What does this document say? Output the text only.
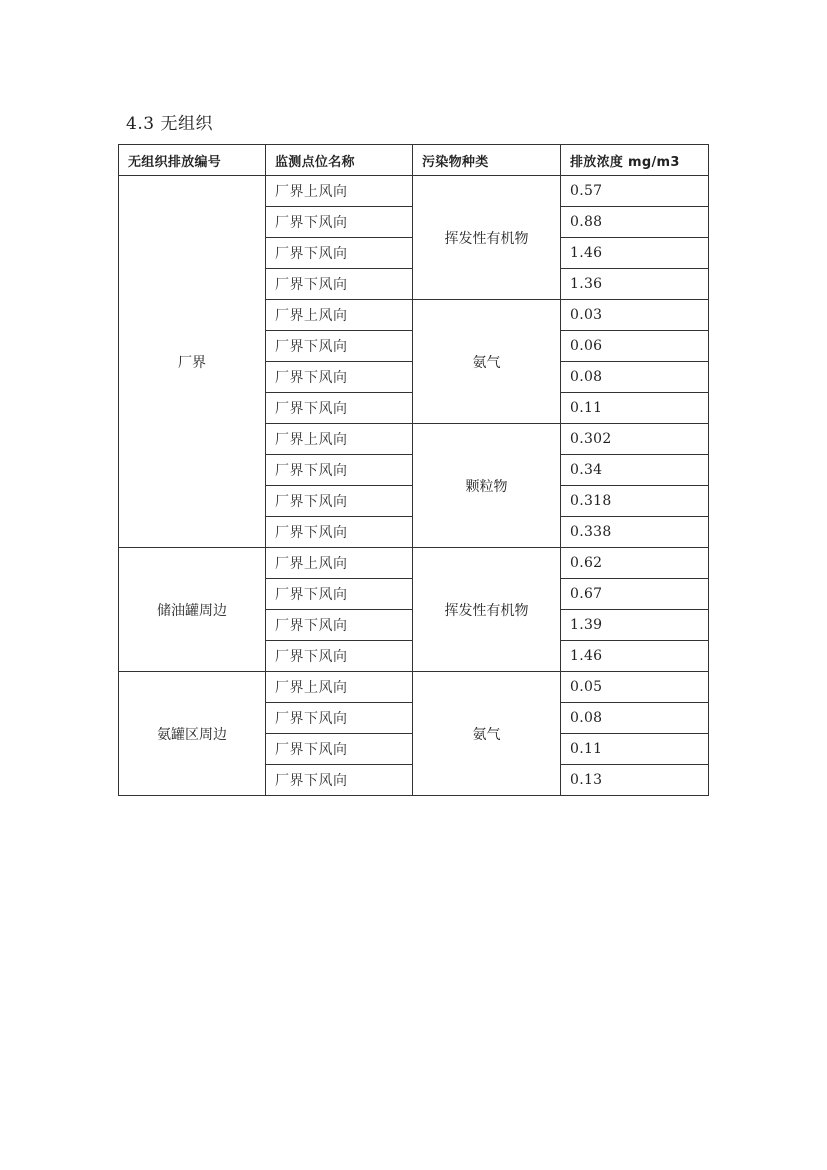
4.3 无组织
无组织排放编号	监测点位名称	污染物种类	排放浓度 mg/m3
厂界	厂界上风向	挥发性有机物	0.57
	厂界下风向		0.88
	厂界下风向		1.46
	厂界下风向		1.36
	厂界上风向	氨气	0.03
	厂界下风向		0.06
	厂界下风向		0.08
	厂界下风向		0.11
	厂界上风向	颗粒物	0.302
	厂界下风向		0.34
	厂界下风向		0.318
	厂界下风向		0.338
储油罐周边	厂界上风向	挥发性有机物	0.62
	厂界下风向		0.67
	厂界下风向		1.39
	厂界下风向		1.46
氨罐区周边	厂界上风向	氨气	0.05
	厂界下风向		0.08
	厂界下风向		0.11
	厂界下风向		0.13
